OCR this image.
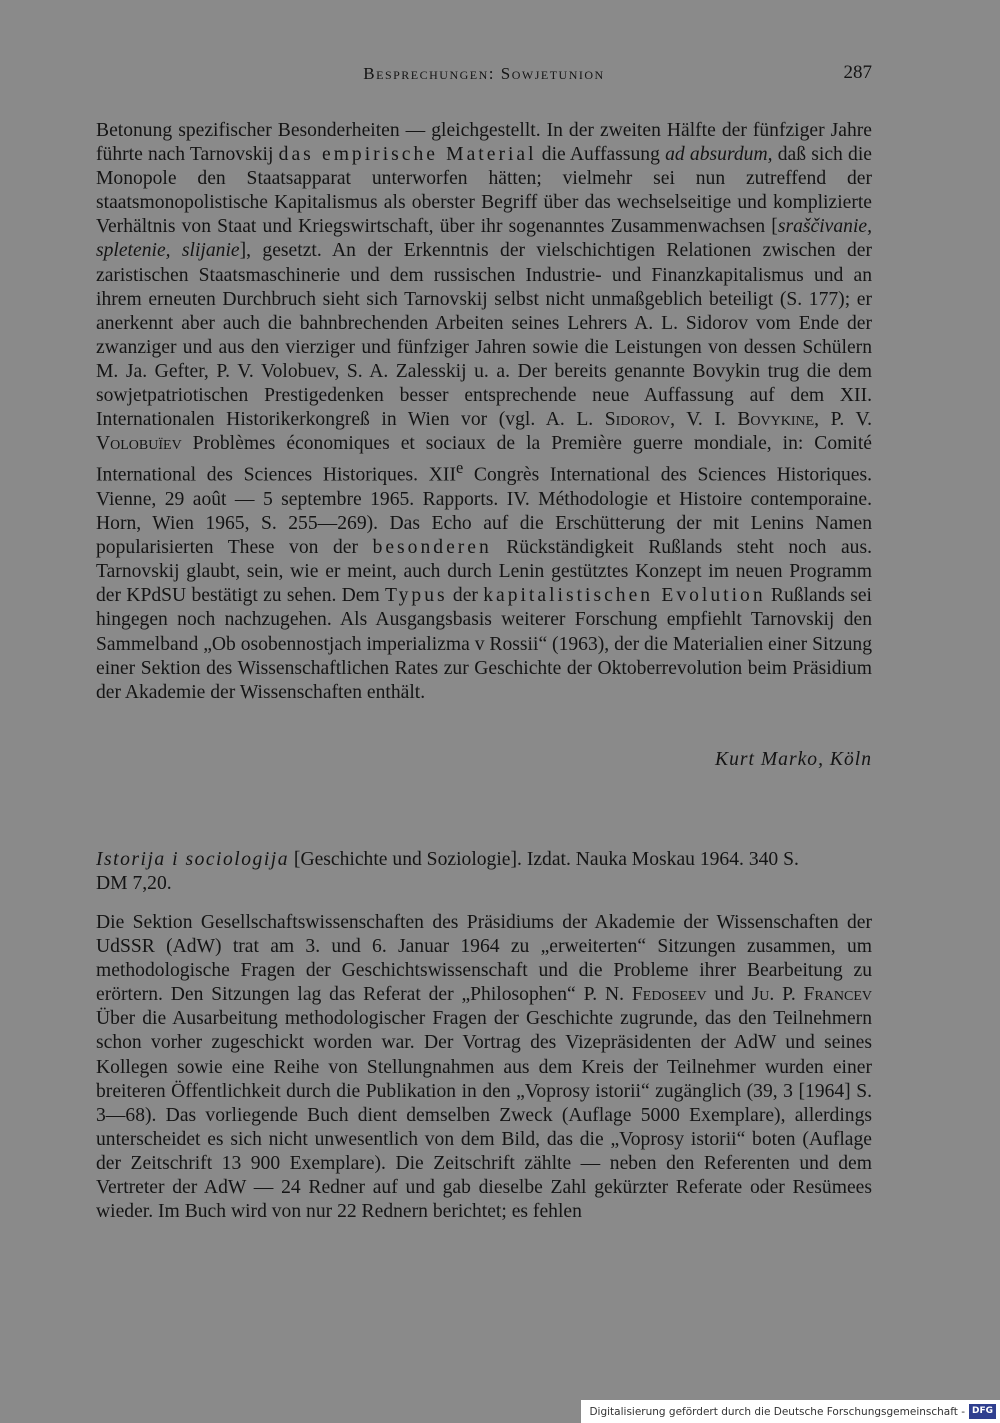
Besprechungen: Sowjetunion	287

Betonung spezifischer Besonderheiten — gleichgestellt. In der zweiten Hälfte der fünfziger Jahre führte nach Tarnovskij das empirische Material die Auffassung ad absurdum, daß sich die Monopole den Staatsapparat unterworfen hätten; vielmehr sei nun zutreffend der staatsmonopolistische Kapitalismus als oberster Begriff über das wechselseitige und komplizierte Verhältnis von Staat und Kriegswirtschaft, über ihr sogenanntes Zusammenwachsen [sraščivanie, spletenie, slijanie], gesetzt. An der Erkenntnis der vielschichtigen Relationen zwischen der zaristischen Staatsmaschinerie und dem russischen Industrie- und Finanzkapitalismus und an ihrem erneuten Durchbruch sieht sich Tarnovskij selbst nicht unmaßgeblich beteiligt (S. 177); er anerkennt aber auch die bahnbrechenden Arbeiten seines Lehrers A. L. Sidorov vom Ende der zwanziger und aus den vierziger und fünfziger Jahren sowie die Leistungen von dessen Schülern M. Ja. Gefter, P. V. Volobuev, S. A. Zalesskij u. a. Der bereits genannte Bovykin trug die dem sowjetpatriotischen Prestigedenken besser entsprechende neue Auffassung auf dem XII. Internationalen Historikerkongreß in Wien vor (vgl. A. L. Sidorov, V. I. Bovykine, P. V. Volobuïev Problèmes économiques et sociaux de la Première guerre mondiale, in: Comité International des Sciences Historiques. XIIe Congrès International des Sciences Historiques. Vienne, 29 août — 5 septembre 1965. Rapports. IV. Méthodologie et Histoire contemporaine. Horn, Wien 1965, S. 255—269). Das Echo auf die Erschütterung der mit Lenins Namen popularisierten These von der besonderen Rückständigkeit Rußlands steht noch aus. Tarnovskij glaubt, sein, wie er meint, auch durch Lenin gestütztes Konzept im neuen Programm der KPdSU bestätigt zu sehen. Dem Typus der kapitalistischen Evolution Rußlands sei hingegen noch nachzugehen. Als Ausgangsbasis weiterer Forschung empfiehlt Tarnovskij den Sammelband „Ob osobennostjach imperializma v Rossii“ (1963), der die Materialien einer Sitzung einer Sektion des Wissenschaftlichen Rates zur Geschichte der Oktoberrevolution beim Präsidium der Akademie der Wissenschaften enthält.

Kurt Marko, Köln

Istorija i sociologija [Geschichte und Soziologie]. Izdat. Nauka Moskau 1964. 340 S.

DM 7,20.

Die Sektion Gesellschaftswissenschaften des Präsidiums der Akademie der Wissenschaften der UdSSR (AdW) trat am 3. und 6. Januar 1964 zu „erweiterten“ Sitzungen zusammen, um methodologische Fragen der Geschichtswissenschaft und die Probleme ihrer Bearbeitung zu erörtern. Den Sitzungen lag das Referat der „Philosophen“ P. N. Fedoseev und Ju. P. Francev Über die Ausarbeitung methodologischer Fragen der Geschichte zugrunde, das den Teilnehmern schon vorher zugeschickt worden war. Der Vortrag des Vizepräsidenten der AdW und seines Kollegen sowie eine Reihe von Stellungnahmen aus dem Kreis der Teilnehmer wurden einer breiteren Öffentlichkeit durch die Publikation in den „Voprosy istorii“ zugänglich (39, 3 [1964] S. 3—68). Das vorliegende Buch dient demselben Zweck (Auflage 5000 Exemplare), allerdings unterscheidet es sich nicht unwesentlich von dem Bild, das die „Voprosy istorii“ boten (Auflage der Zeitschrift 13 900 Exemplare). Die Zeitschrift zählte — neben den Referenten und dem Vertreter der AdW — 24 Redner auf und gab dieselbe Zahl gekürzter Referate oder Resümees wieder. Im Buch wird von nur 22 Rednern berichtet; es fehlen

Digitalisierung gefördert durch die Deutsche Forschungsgemeinschaft - DFG
